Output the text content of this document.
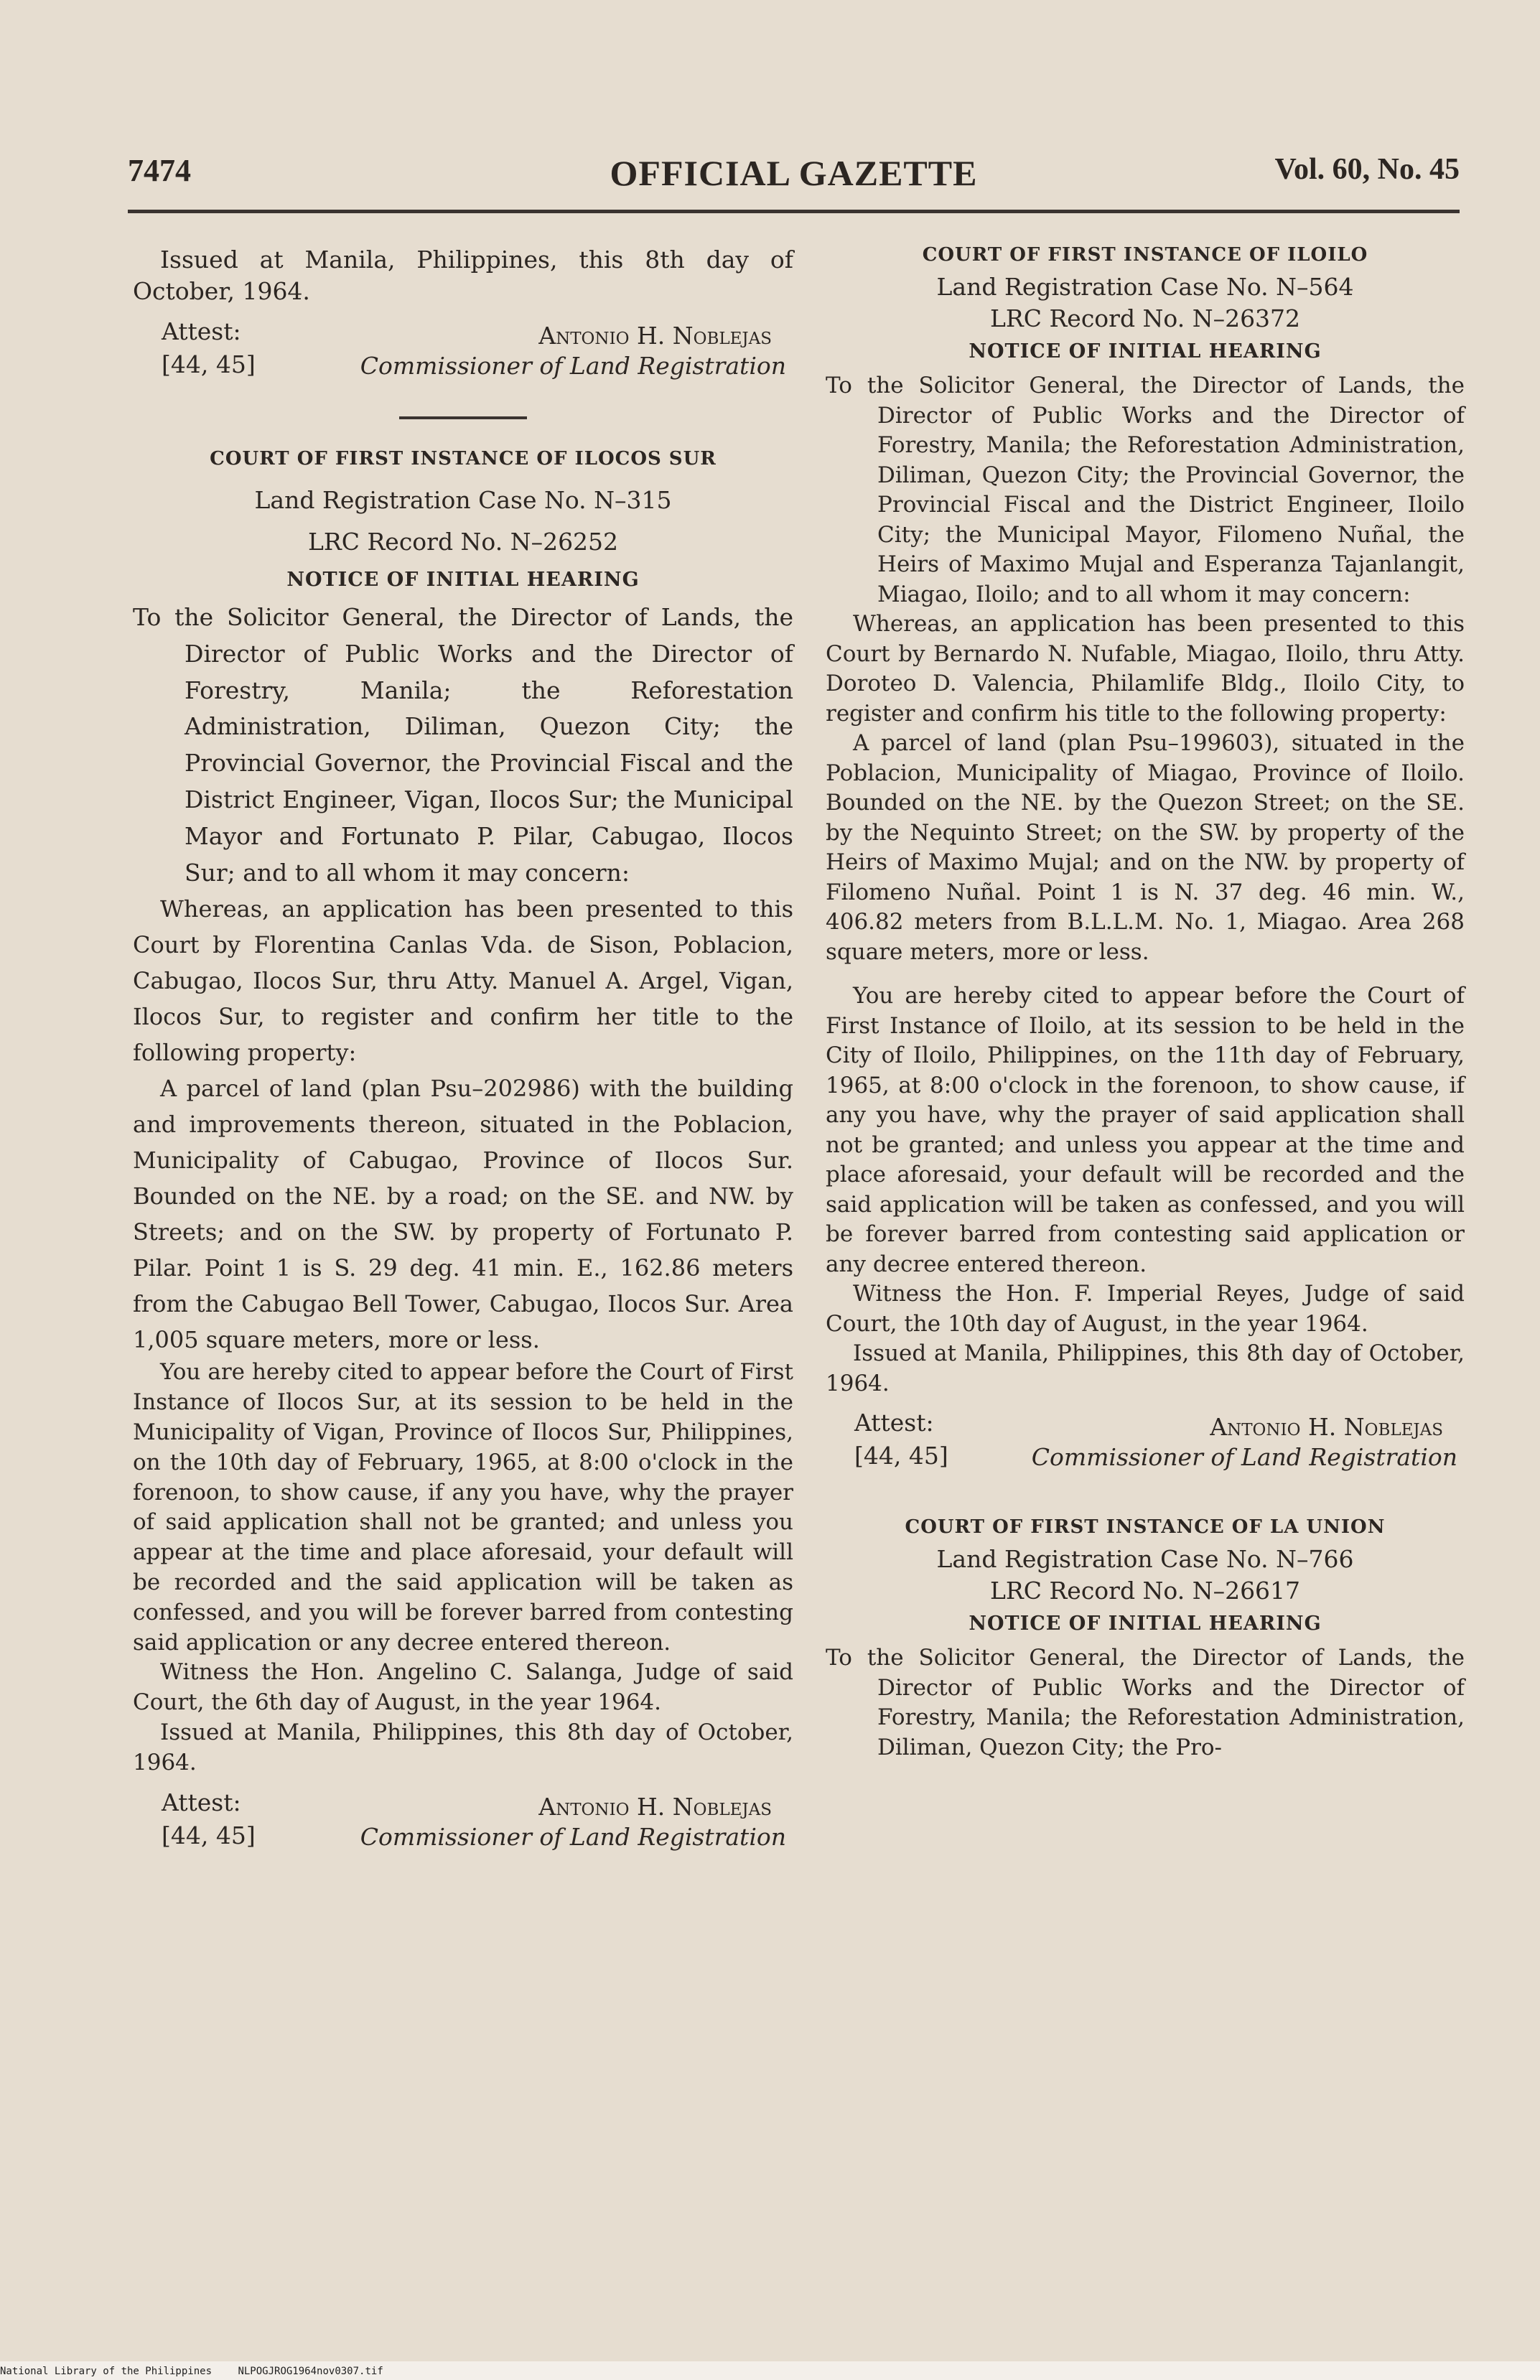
7474	OFFICIAL GAZETTE	Vol. 60, No. 45

Issued at Manila, Philippines, this 8th day of October, 1964.

Attest:
[44, 45]
Antonio H. Noblejas
Commissioner of Land Registration

COURT OF FIRST INSTANCE OF ILOCOS SUR

Land Registration Case No. N–315

LRC Record No. N–26252

NOTICE OF INITIAL HEARING

To the Solicitor General, the Director of Lands, the Director of Public Works and the Director of Forestry, Manila; the Reforestation Administration, Diliman, Quezon City; the Provincial Governor, the Provincial Fiscal and the District Engineer, Vigan, Ilocos Sur; the Municipal Mayor and Fortunato P. Pilar, Cabugao, Ilocos Sur; and to all whom it may concern:

Whereas, an application has been presented to this Court by Florentina Canlas Vda. de Sison, Poblacion, Cabugao, Ilocos Sur, thru Atty. Manuel A. Argel, Vigan, Ilocos Sur, to register and confirm her title to the following property:

A parcel of land (plan Psu–202986) with the building and improvements thereon, situated in the Poblacion, Municipality of Cabugao, Province of Ilocos Sur. Bounded on the NE. by a road; on the SE. and NW. by Streets; and on the SW. by property of Fortunato P. Pilar. Point 1 is S. 29 deg. 41 min. E., 162.86 meters from the Cabugao Bell Tower, Cabugao, Ilocos Sur. Area 1,005 square meters, more or less.

You are hereby cited to appear before the Court of First Instance of Ilocos Sur, at its session to be held in the Municipality of Vigan, Province of Ilocos Sur, Philippines, on the 10th day of February, 1965, at 8:00 o'clock in the forenoon, to show cause, if any you have, why the prayer of said application shall not be granted; and unless you appear at the time and place aforesaid, your default will be recorded and the said application will be taken as confessed, and you will be forever barred from contesting said application or any decree entered thereon.

Witness the Hon. Angelino C. Salanga, Judge of said Court, the 6th day of August, in the year 1964.

Issued at Manila, Philippines, this 8th day of October, 1964.

Attest:
[44, 45]
Antonio H. Noblejas
Commissioner of Land Registration

COURT OF FIRST INSTANCE OF ILOILO

Land Registration Case No. N–564

LRC Record No. N–26372

NOTICE OF INITIAL HEARING

To the Solicitor General, the Director of Lands, the Director of Public Works and the Director of Forestry, Manila; the Reforestation Administration, Diliman, Quezon City; the Provincial Governor, the Provincial Fiscal and the District Engineer, Iloilo City; the Municipal Mayor, Filomeno Nuñal, the Heirs of Maximo Mujal and Esperanza Tajanlangit, Miagao, Iloilo; and to all whom it may concern:

Whereas, an application has been presented to this Court by Bernardo N. Nufable, Miagao, Iloilo, thru Atty. Doroteo D. Valencia, Philamlife Bldg., Iloilo City, to register and confirm his title to the following property:

A parcel of land (plan Psu–199603), situated in the Poblacion, Municipality of Miagao, Province of Iloilo. Bounded on the NE. by the Quezon Street; on the SE. by the Nequinto Street; on the SW. by property of the Heirs of Maximo Mujal; and on the NW. by property of Filomeno Nuñal. Point 1 is N. 37 deg. 46 min. W., 406.82 meters from B.L.L.M. No. 1, Miagao. Area 268 square meters, more or less.

You are hereby cited to appear before the Court of First Instance of Iloilo, at its session to be held in the City of Iloilo, Philippines, on the 11th day of February, 1965, at 8:00 o'clock in the forenoon, to show cause, if any you have, why the prayer of said application shall not be granted; and unless you appear at the time and place aforesaid, your default will be recorded and the said application will be taken as confessed, and you will be forever barred from contesting said application or any decree entered thereon.

Witness the Hon. F. Imperial Reyes, Judge of said Court, the 10th day of August, in the year 1964.

Issued at Manila, Philippines, this 8th day of October, 1964.

Attest:
[44, 45]
Antonio H. Noblejas
Commissioner of Land Registration

COURT OF FIRST INSTANCE OF LA UNION

Land Registration Case No. N–766

LRC Record No. N–26617

NOTICE OF INITIAL HEARING

To the Solicitor General, the Director of Lands, the Director of Public Works and the Director of Forestry, Manila; the Reforestation Administration, Diliman, Quezon City; the Pro-

National Library of the Philippines	NLPOGJROG1964nov0307.tif
